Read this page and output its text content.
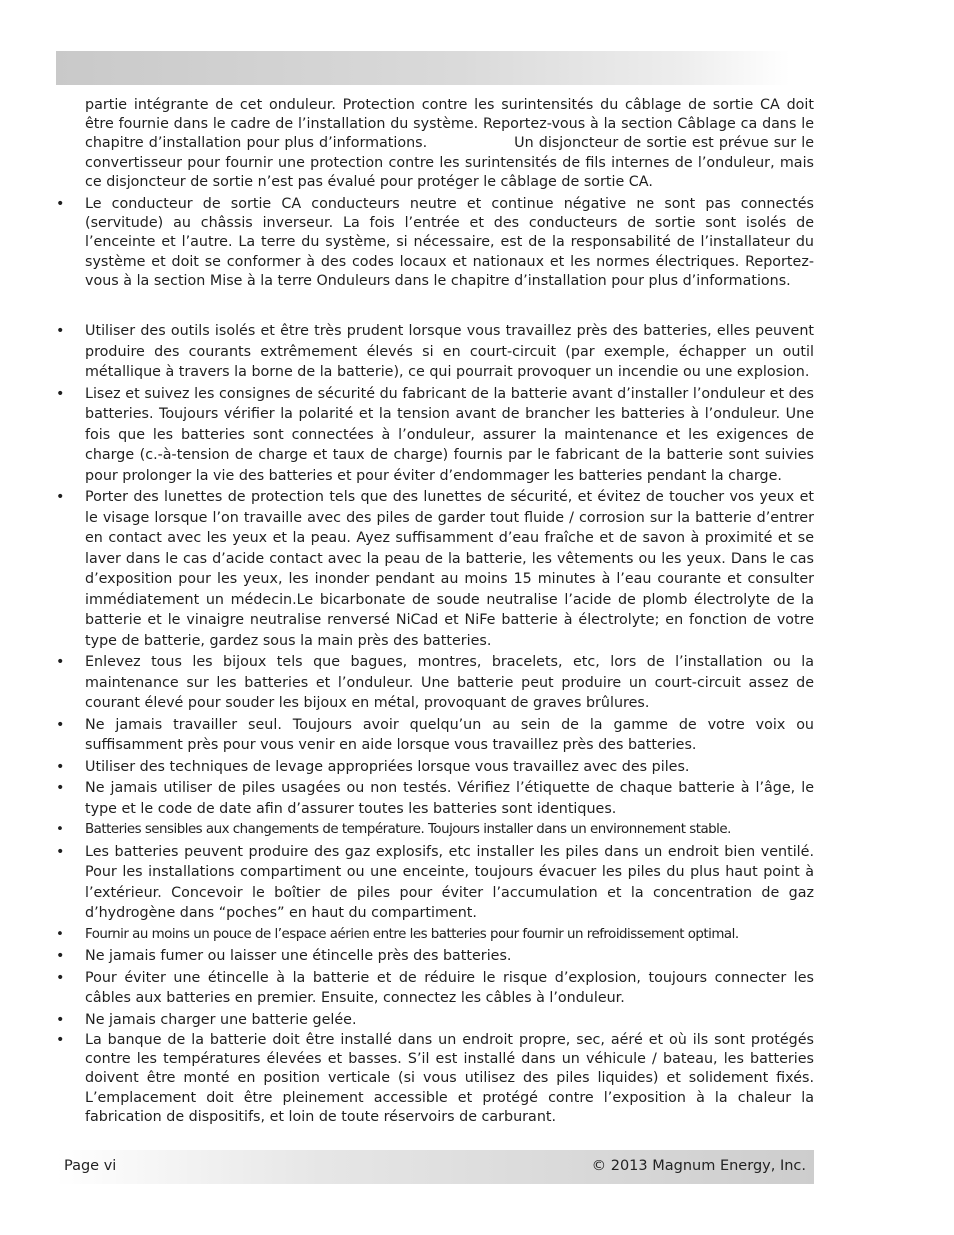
partie intégrante de cet onduleur. Protection contre les surintensités du câblage de sortie CA doit être fournie dans le cadre de l’installation du système. Reportez-vous à la section Câblage ca dans le chapitre d’installation pour plus d’informations.                 Un disjoncteur de sortie est prévue sur le convertisseur pour fournir une protection contre les surintensités de fils internes de l’onduleur, mais ce disjoncteur de sortie n’est pas évalué pour protéger le câblage de sortie CA.

• Le conducteur de sortie CA conducteurs neutre et continue négative ne sont pas connectés (servitude) au châssis inverseur. La fois l’entrée et des conducteurs de sortie sont isolés de l’enceinte et l’autre. La terre du système, si nécessaire, est de la responsabilité de l’installateur du système et doit se conformer à des codes locaux et nationaux et les normes électriques. Reportez-vous à la section Mise à la terre Onduleurs dans le chapitre d’installation pour plus d’informations.
• Utiliser des outils isolés et être très prudent lorsque vous travaillez près des batteries, elles peuvent produire des courants extrêmement élevés si en court-circuit (par exemple, échapper un outil métallique à travers la borne de la batterie), ce qui pourrait provoquer un incendie ou une explosion.
• Lisez et suivez les consignes de sécurité du fabricant de la batterie avant d’installer l’onduleur et des batteries. Toujours vérifier la polarité et la tension avant de brancher les batteries à l’onduleur. Une fois que les batteries sont connectées à l’onduleur, assurer la maintenance et les exigences de charge (c.-à-tension de charge et taux de charge) fournis par le fabricant de la batterie sont suivies pour prolonger la vie des batteries et pour éviter d’endommager les batteries pendant la charge.
• Porter des lunettes de protection tels que des lunettes de sécurité, et évitez de toucher vos yeux et le visage lorsque l’on travaille avec des piles de garder tout fluide / corrosion sur la batterie d’entrer en contact avec les yeux et la peau. Ayez suffisamment d’eau fraîche et de savon à proximité et se laver dans le cas d’acide contact avec la peau de la batterie, les vêtements ou les yeux. Dans le cas d’exposition pour les yeux, les inonder pendant au moins 15 minutes à l’eau courante et consulter immédiatement un médecin.Le bicarbonate de soude neutralise l’acide de plomb électrolyte de la batterie et le vinaigre neutralise renversé NiCad et NiFe batterie à électrolyte; en fonction de votre type de batterie, gardez sous la main près des batteries.
• Enlevez tous les bijoux tels que bagues, montres, bracelets, etc, lors de l’installation ou la maintenance sur les batteries et l’onduleur. Une batterie peut produire un court-circuit assez de courant élevé pour souder les bijoux en métal, provoquant de graves brûlures.
• Ne jamais travailler seul. Toujours avoir quelqu’un au sein de la gamme de votre voix ou suffisamment près pour vous venir en aide lorsque vous travaillez près des batteries.
• Utiliser des techniques de levage appropriées lorsque vous travaillez avec des piles.
• Ne jamais utiliser de piles usagées ou non testés. Vérifiez l’étiquette de chaque batterie à l’âge, le type et le code de date afin d’assurer toutes les batteries sont identiques.
• Batteries sensibles aux changements de température. Toujours installer dans un environnement stable.
• Les batteries peuvent produire des gaz explosifs, etc installer les piles dans un endroit bien ventilé. Pour les installations compartiment ou une enceinte, toujours évacuer les piles du plus haut point à l’extérieur. Concevoir le boîtier de piles pour éviter l’accumulation et la concentration de gaz d’hydrogène dans “poches” en haut du compartiment.
• Fournir au moins un pouce de l’espace aérien entre les batteries pour fournir un refroidissement optimal.
• Ne jamais fumer ou laisser une étincelle près des batteries.
• Pour éviter une étincelle à la batterie et de réduire le risque d’explosion, toujours connecter les câbles aux batteries en premier. Ensuite, connectez les câbles à l’onduleur.
• Ne jamais charger une batterie gelée.
• La banque de la batterie doit être installé dans un endroit propre, sec, aéré et où ils sont protégés contre les températures élevées et basses. S’il est installé dans un véhicule / bateau, les batteries doivent être monté en position verticale (si vous utilisez des piles liquides) et solidement fixés. L’emplacement doit être pleinement accessible et protégé contre l’exposition à la chaleur la fabrication de dispositifs, et loin de toute réservoirs de carburant.
Page vi	© 2013 Magnum Energy, Inc.
